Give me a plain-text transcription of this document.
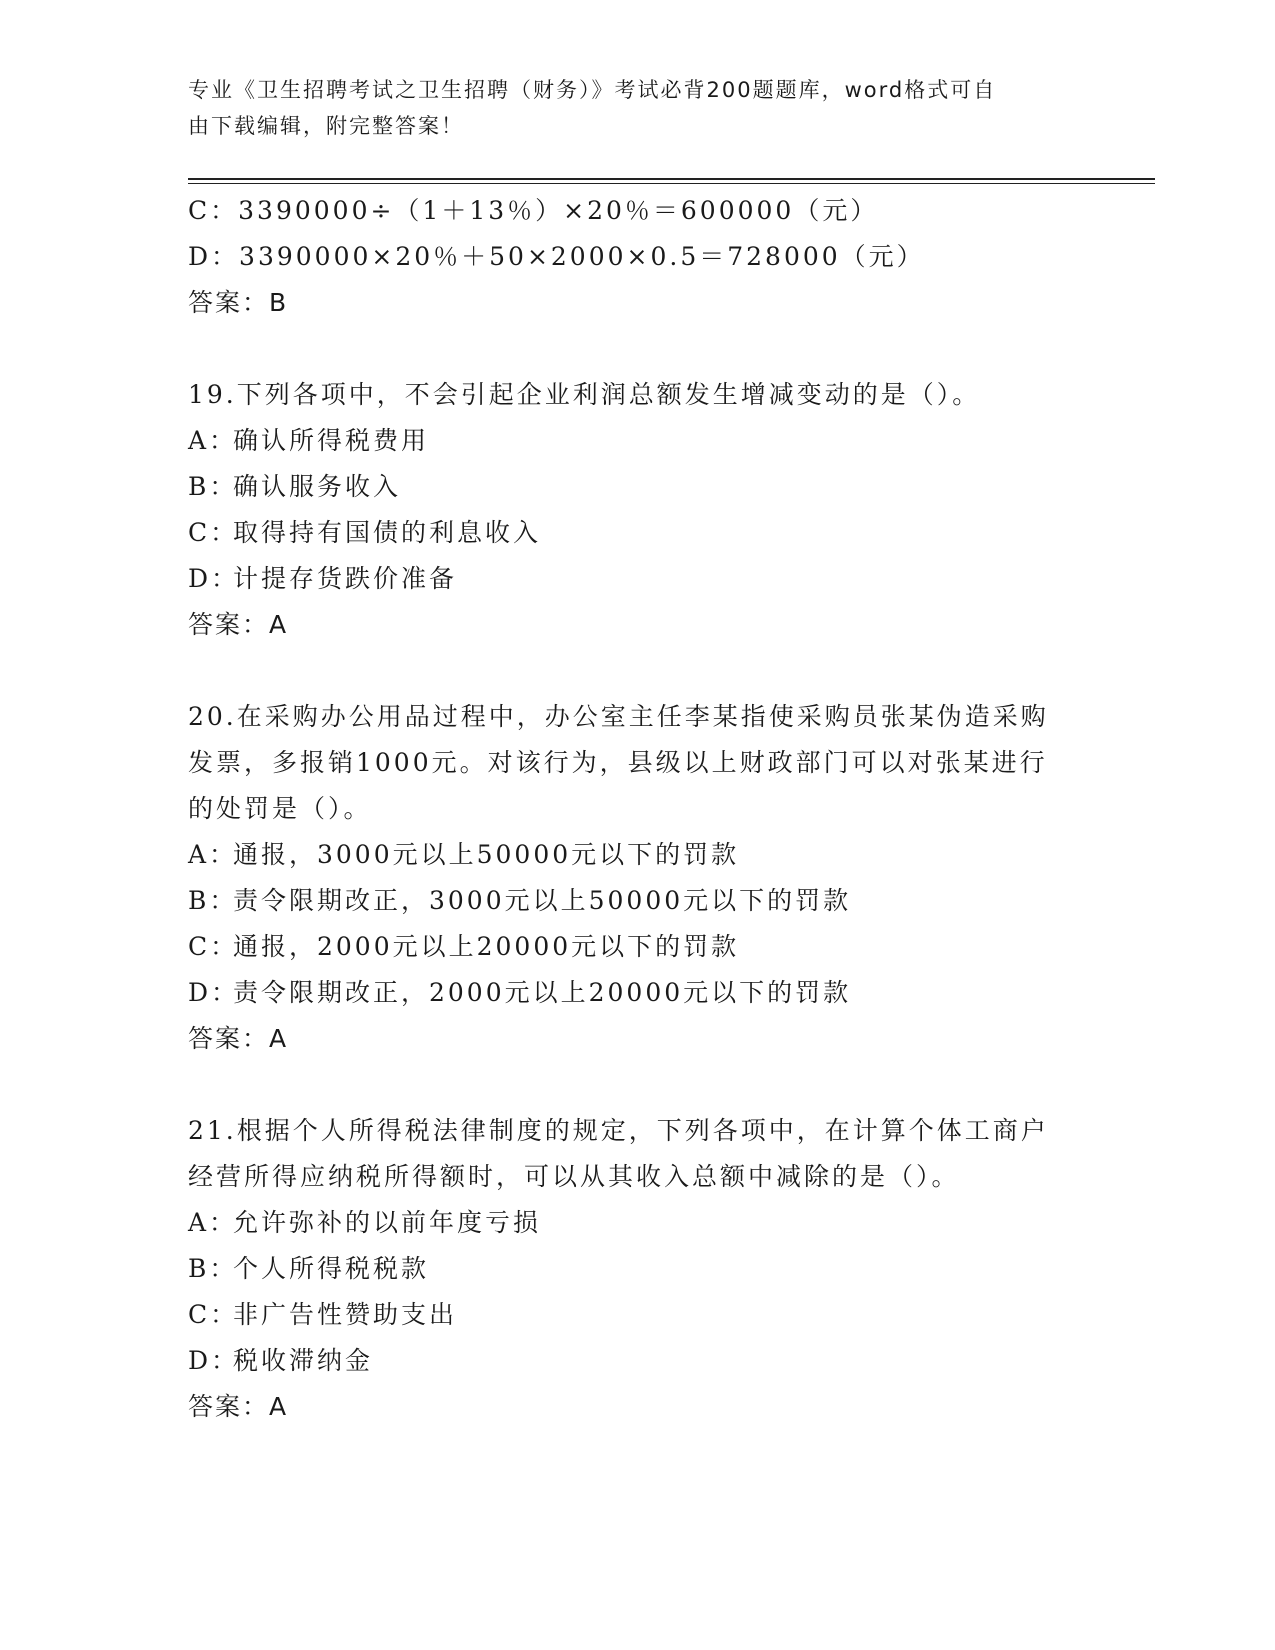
专业《卫生招聘考试之卫生招聘（财务）》考试必背200题题库，word格式可自
由下载编辑，附完整答案！
C：3390000÷（1＋13％）×20％＝600000（元）
D：3390000×20％＋50×2000×0.5＝728000（元）
答案：B
19.下列各项中，不会引起企业利润总额发生增减变动的是（）。
A：确认所得税费用
B：确认服务收入
C：取得持有国债的利息收入
D：计提存货跌价准备
答案：A
20.在采购办公用品过程中，办公室主任李某指使采购员张某伪造采购
发票，多报销1000元。对该行为，县级以上财政部门可以对张某进行
的处罚是（）。
A：通报，3000元以上50000元以下的罚款
B：责令限期改正，3000元以上50000元以下的罚款
C：通报，2000元以上20000元以下的罚款
D：责令限期改正，2000元以上20000元以下的罚款
答案：A
21.根据个人所得税法律制度的规定，下列各项中，在计算个体工商户
经营所得应纳税所得额时，可以从其收入总额中减除的是（）。
A：允许弥补的以前年度亏损
B：个人所得税税款
C：非广告性赞助支出
D：税收滞纳金
答案：A
